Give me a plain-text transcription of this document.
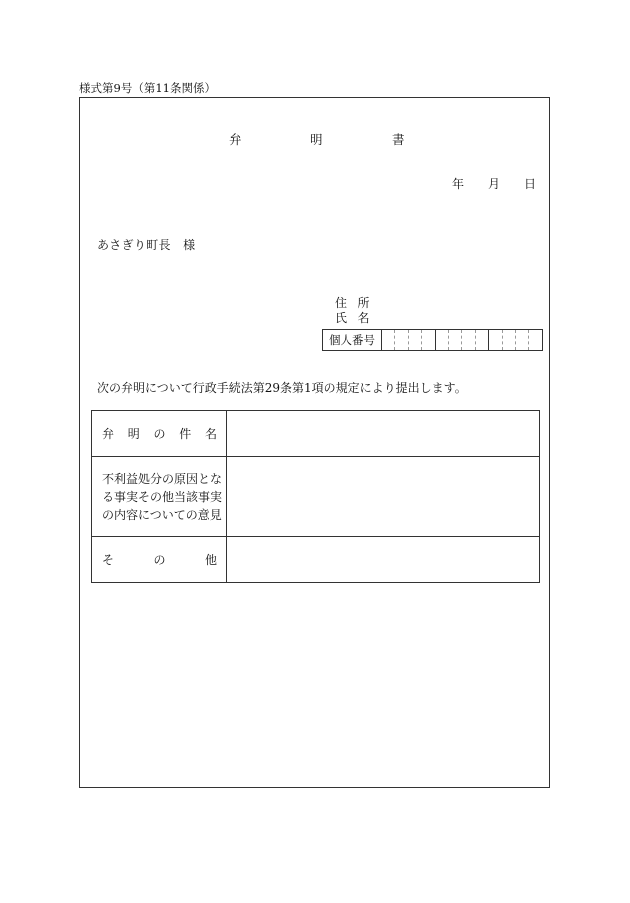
様式第9号（第11条関係）
弁	明	書
年 月 日
あさぎり町長　様
住 所
氏 名
個人番号												
次の弁明について行政手続法第29条第1項の規定により提出します。
弁 明 の 件 名	

不利益処分の原因とな
る事実その他当該事実
の内容についての意見	

そ の 他	
